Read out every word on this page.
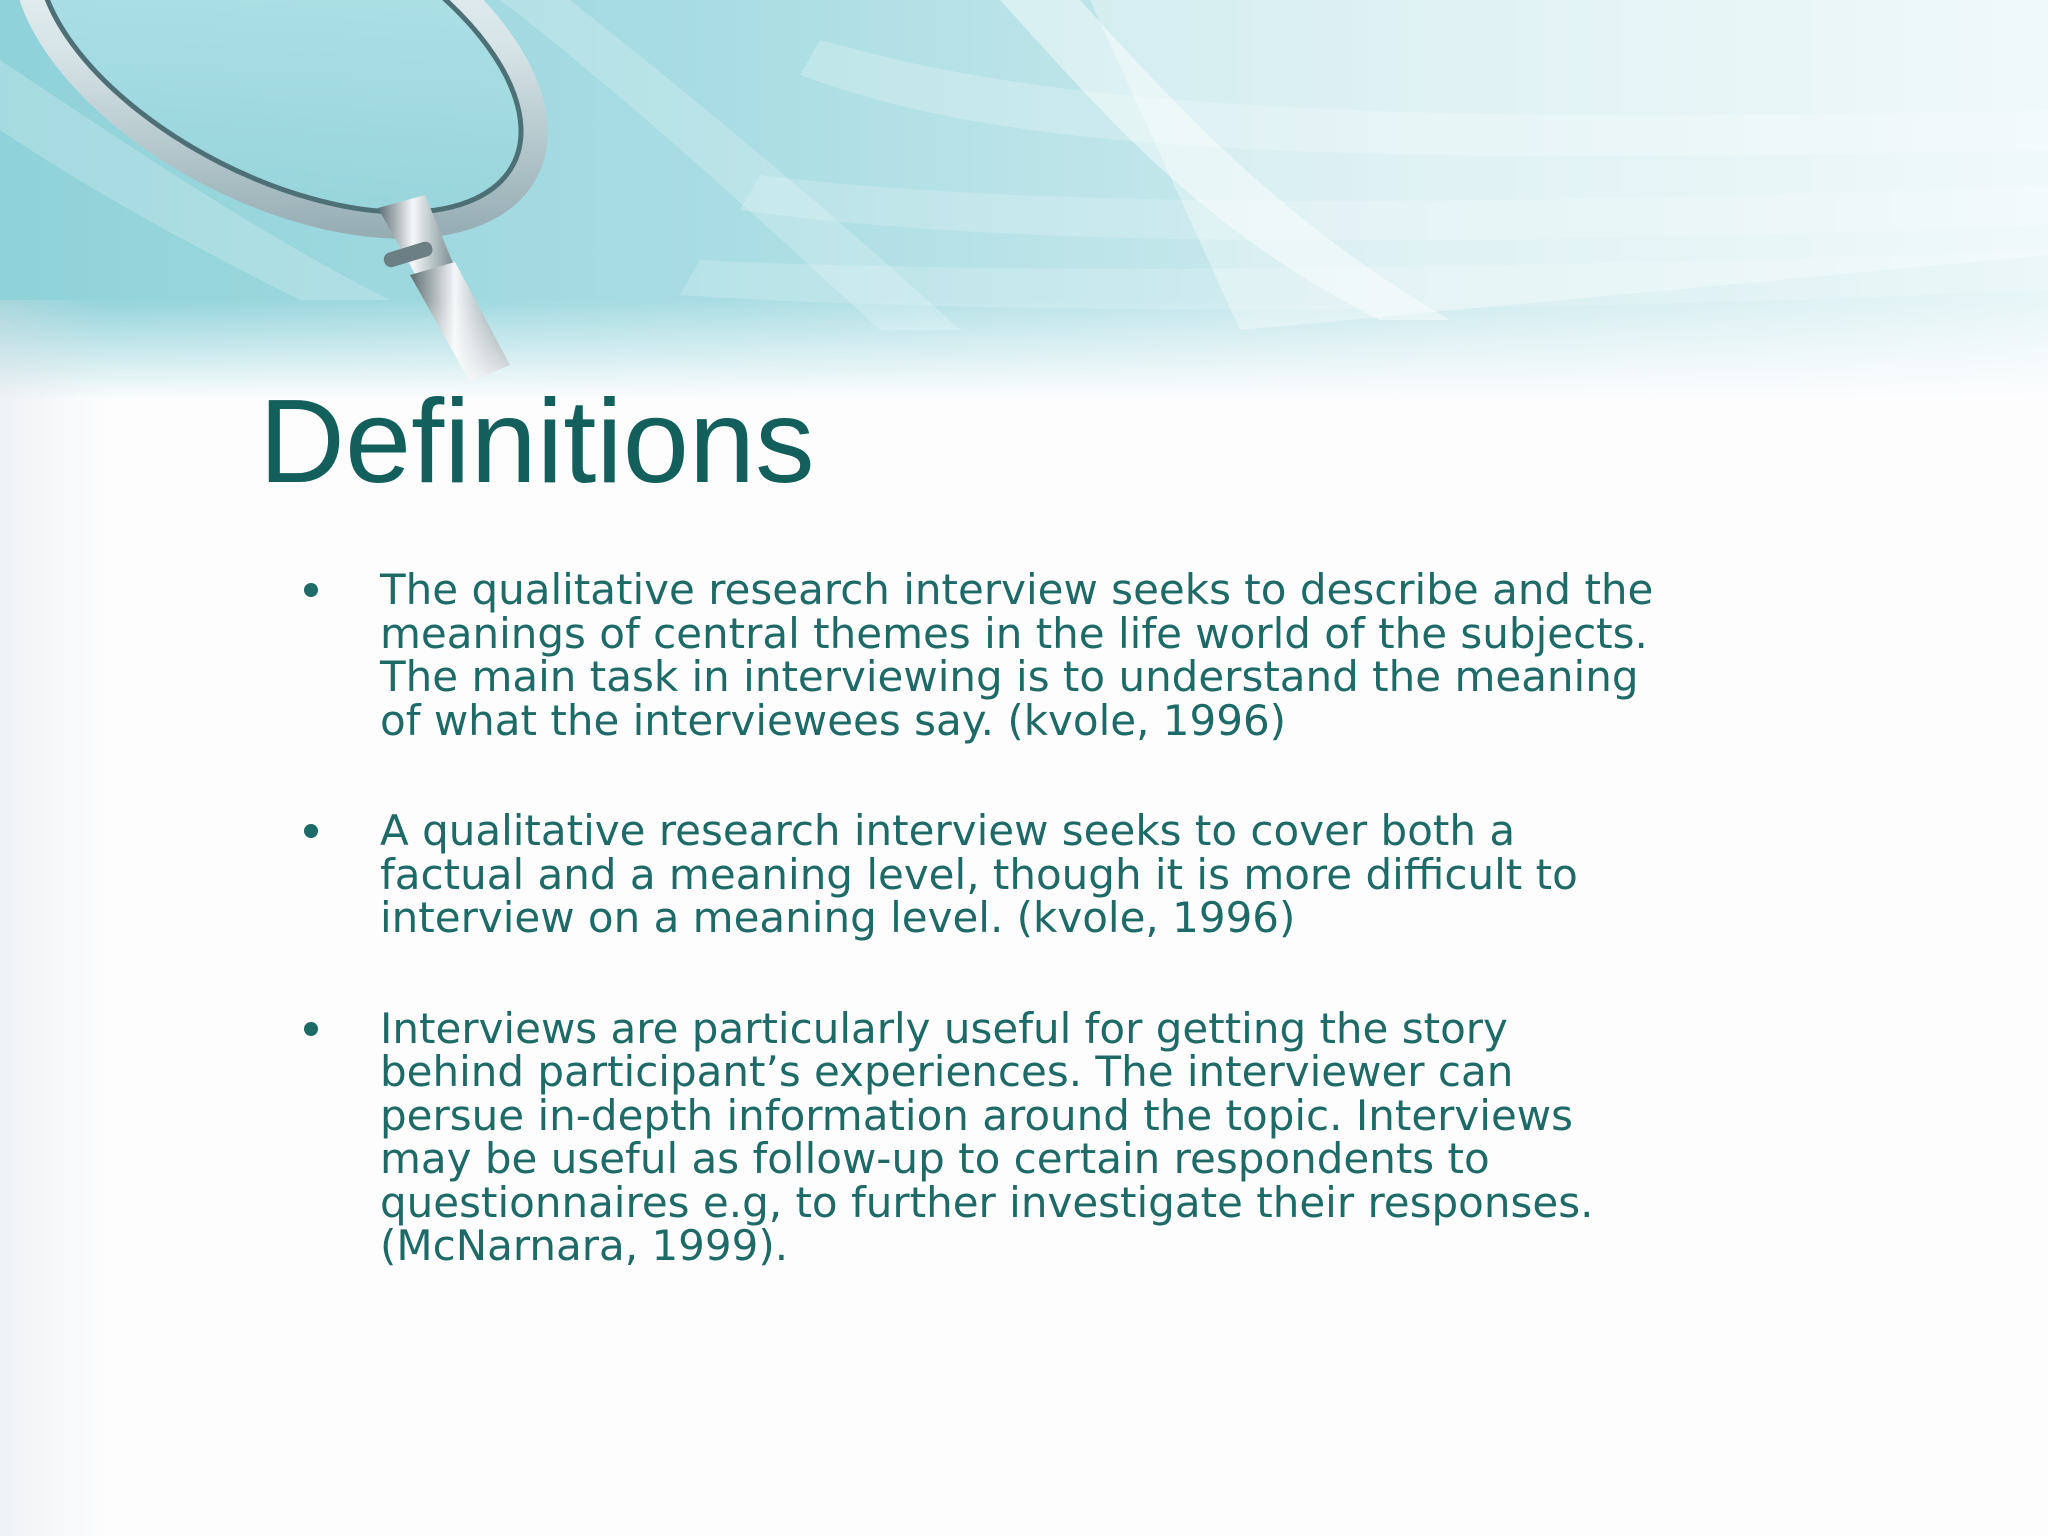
Definitions
The qualitative research interview seeks to describe and the
meanings of central themes in the life world of the subjects.
The main task in interviewing is to understand the meaning
of what the interviewees say. (kvole, 1996)
A qualitative research interview seeks to cover both a
factual and a meaning level, though it is more difficult to
interview on a meaning level. (kvole, 1996)
Interviews are particularly useful for getting the story
behind participant’s experiences. The interviewer can
persue in-depth information around the topic. Interviews
may be useful as follow-up to certain respondents to
questionnaires e.g, to further investigate their responses.
(McNarnara, 1999).
